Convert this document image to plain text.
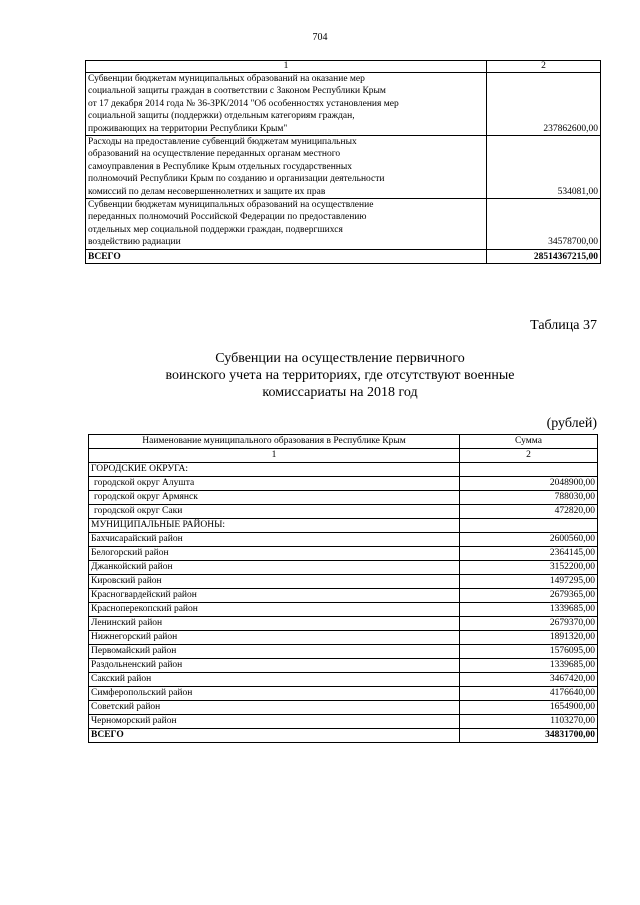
704
1	2

Субвенции бюджетам муниципальных образований на оказание мер
социальной защиты граждан в соответствии с Законом Республики Крым
от 17 декабря 2014 года № 36-ЗРК/2014 "Об особенностях установления мер
социальной защиты (поддержки) отдельным категориям граждан,
проживающих на территории Республики Крым"	237862600,00

Расходы на предоставление субвенций бюджетам муниципальных
образований на осуществление переданных органам местного
самоуправления в Республике Крым отдельных государственных
полномочий Республики Крым по созданию и организации деятельности
комиссий по делам несовершеннолетних и защите их прав	534081,00

Субвенции бюджетам муниципальных образований на осуществление
переданных полномочий Российской Федерации по предоставлению
отдельных мер социальной поддержки граждан, подвергшихся
воздействию радиации	34578700,00
ВСЕГО	28514367215,00
Таблица 37
Субвенции на осуществление первичного
воинского учета на территориях, где отсутствуют военные
комиссариаты на 2018 год
(рублей)
Наименование муниципального образования в Республике Крым	Сумма
1	2
ГОРОДСКИЕ ОКРУГА:	
городской округ Алушта	2048900,00
городской округ Армянск	788030,00
городской округ Саки	472820,00
МУНИЦИПАЛЬНЫЕ РАЙОНЫ:	
Бахчисарайский район	2600560,00
Белогорский район	2364145,00
Джанкойский район	3152200,00
Кировский район	1497295,00
Красногвардейский район	2679365,00
Красноперекопский район	1339685,00
Ленинский район	2679370,00
Нижнегорский район	1891320,00
Первомайский район	1576095,00
Раздольненский район	1339685,00
Сакский район	3467420,00
Симферопольский район	4176640,00
Советский район	1654900,00
Черноморский район	1103270,00
ВСЕГО	34831700,00
